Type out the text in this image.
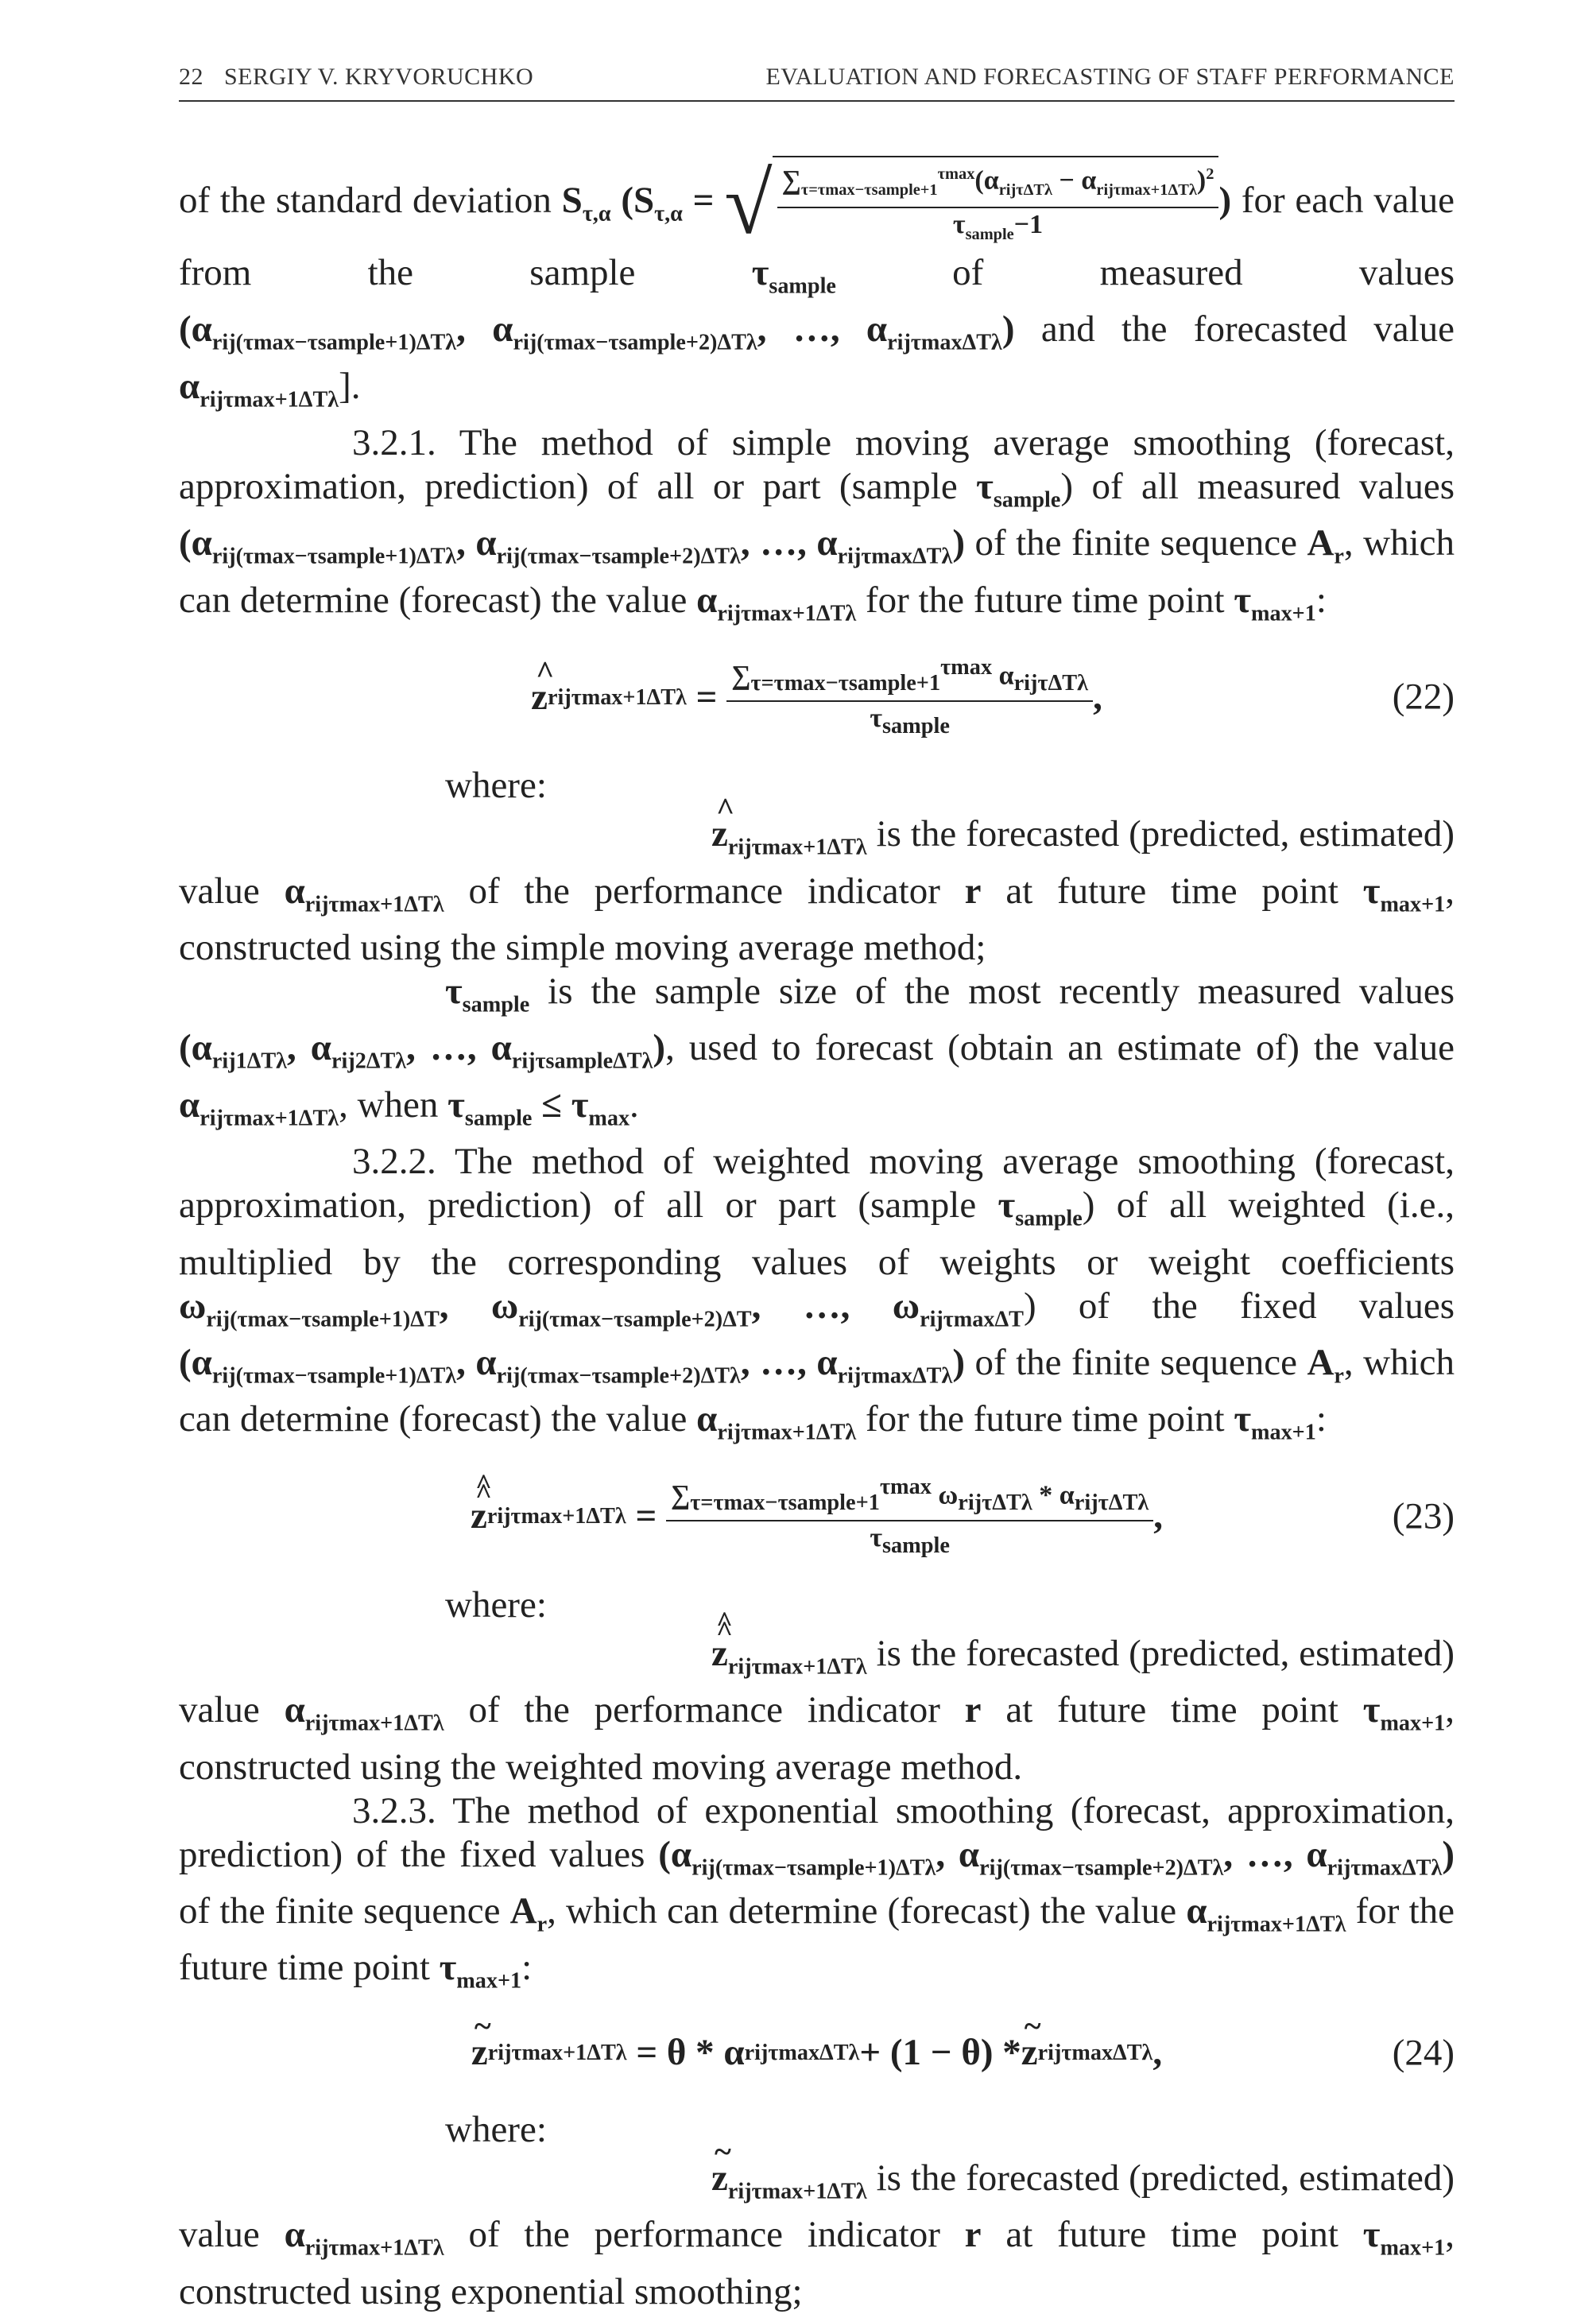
22 SERGIY V. KRYVORUCHKO	EVALUATION AND FORECASTING OF STAFF PERFORMANCE

of the standard deviation $S_{\tau,\alpha}$ ($S_{\tau,\alpha}$ = √ $\frac{\sum_{\tau=\tau max-\tau sample+1}^{\tau max}(\alpha_{rij\tau\Delta T\lambda} - \alpha_{rij\tau max+1\Delta T\lambda})^2}{\tau_{sample}-1}$ ) for each value from the sample $\tau_{sample}$ of measured values ($\alpha_{rij(\tau max-\tau sample+1)\Delta T\lambda}$, $\alpha_{rij(\tau max-\tau sample+2)\Delta T\lambda}$, …, $\alpha_{rij\tau max\Delta T\lambda}$) and the forecasted value $\alpha_{rij\tau max+1\Delta T\lambda}$].

3.2.1. The method of simple moving average smoothing (forecast, approximation, prediction) of all or part (sample $\tau_{sample}$) of all measured values ($\alpha_{rij(\tau max-\tau sample+1)\Delta T\lambda}$, $\alpha_{rij(\tau max-\tau sample+2)\Delta T\lambda}$, …, $\alpha_{rij\tau max\Delta T\lambda}$) of the finite sequence $A_r$, which can determine (forecast) the value $\alpha_{rij\tau max+1\Delta T\lambda}$ for the future time point $\tau_{max+1}$:

^ z $rij\tau\max+1\Delta T\lambda = \frac{\sum_{\tau=\tau max-\tau sample+1}^{\tau max} \alpha_{rij\tau\Delta T\lambda}}{\tau_{sample}}$ ,	(22)

where:

^ $z_{rij\tau max+1\Delta T\lambda}$ is the forecasted (predicted, estimated) value $\alpha_{rij\tau max+1\Delta T\lambda}$ of the performance indicator r at future time point $\tau_{max+1}$, constructed using the simple moving average method;

$\tau_{sample}$ is the sample size of the most recently measured values ($\alpha_{rij1\Delta T\lambda}$, $\alpha_{rij2\Delta T\lambda}$, …, $\alpha_{rij\tau sample\Delta T\lambda}$), used to forecast (obtain an estimate of) the value $\alpha_{rij\tau max+1\Delta T\lambda}$, when $\tau_{sample} \le \tau_{max}$.

3.2.2. The method of weighted moving average smoothing (forecast, approximation, prediction) of all or part (sample $\tau_{sample}$) of all weighted (i.e., multiplied by the corresponding values of weights or weight coefficients $\omega_{rij(\tau max-\tau sample+1)\Delta T}$, $\omega_{rij(\tau max-\tau sample+2)\Delta T}$, …, $\omega_{rij\tau max\Delta T}$) of the fixed values ($\alpha_{rij(\tau max-\tau sample+1)\Delta T\lambda}$, $\alpha_{rij(\tau max-\tau sample+2)\Delta T\lambda}$, …, $\alpha_{rij\tau max\Delta T\lambda}$) of the finite sequence $A_r$, which can determine (forecast) the value $\alpha_{rij\tau max+1\Delta T\lambda}$ for the future time point $\tau_{max+1}$:

^ z ^ $rij\tau\max+1\Delta T\lambda = \frac{\sum_{\tau=\tau max-\tau sample+1}^{\tau max} \omega_{rij\tau\Delta T\lambda} * \alpha_{rij\tau\Delta T\lambda}}{\tau_{sample}}$ ,	(23)

where:

^ z $\^{}_{rij\tau max+1\Delta T\lambda}$ is the forecasted (predicted, estimated) value $\alpha_{rij\tau max+1\Delta T\lambda}$ of the performance indicator r at future time point $\tau_{max+1}$, constructed using the weighted moving average method.

3.2.3. The method of exponential smoothing (forecast, approximation, prediction) of the fixed values ($\alpha_{rij(\tau max-\tau sample+1)\Delta T\lambda}$, $\alpha_{rij(\tau max-\tau sample+2)\Delta T\lambda}$, …, $\alpha_{rij\tau max\Delta T\lambda}$) of the finite sequence $A_r$, which can determine (forecast) the value $\alpha_{rij\tau max+1\Delta T\lambda}$ for the future time point $\tau_{max+1}$:

~ z rijτmax+1ΔTλ = θ * α rijτmaxΔTλ + (1 − θ) *
~ z rijτmaxΔTλ ,	(24)

where:

~ $z_{rij\tau max+1\Delta T\lambda}$ is the forecasted (predicted, estimated) value $\alpha_{rij\tau max+1\Delta T\lambda}$ of the performance indicator r at future time point $\tau_{max+1}$, constructed using exponential smoothing;
